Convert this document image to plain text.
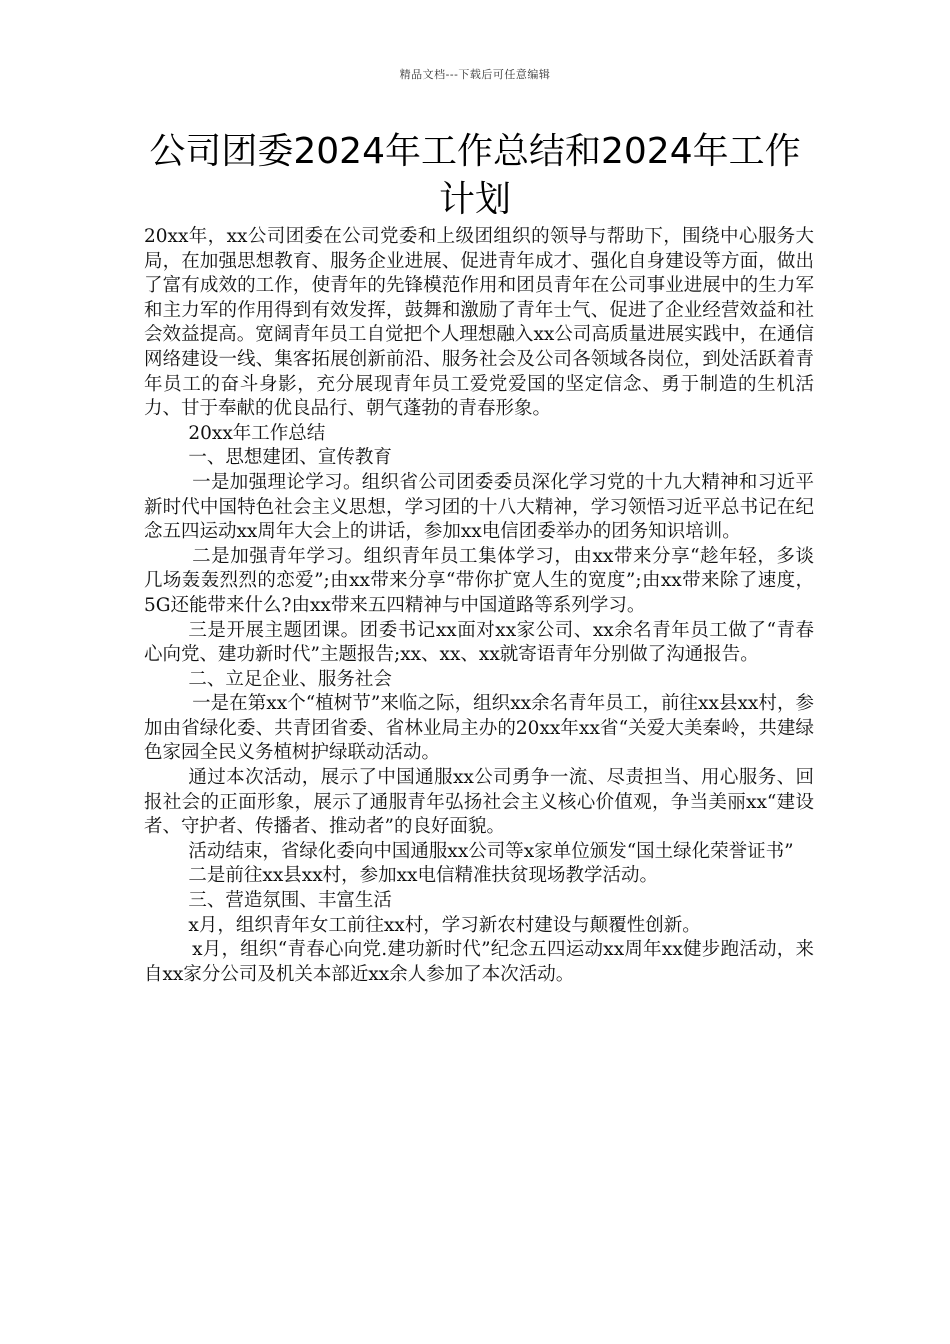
精品文档---下载后可任意编辑
公司团委2024年工作总结和2024年工作计划

20xx年，xx公司团委在公司党委和上级团组织的领导与帮助下，围绕中心服务大局，在加强思想教育、服务企业进展、促进青年成才、强化自身建设等方面，做出了富有成效的工作，使青年的先锋模范作用和团员青年在公司事业进展中的生力军和主力军的作用得到有效发挥，鼓舞和激励了青年士气、促进了企业经营效益和社会效益提高。宽阔青年员工自觉把个人理想融入xx公司高质量进展实践中，在通信网络建设一线、集客拓展创新前沿、服务社会及公司各领域各岗位，到处活跃着青年员工的奋斗身影，充分展现青年员工爱党爱国的坚定信念、勇于制造的生机活力、甘于奉献的优良品行、朝气蓬勃的青春形象。

20xx年工作总结

一、思想建团、宣传教育

一是加强理论学习。组织省公司团委委员深化学习党的十九大精神和习近平新时代中国特色社会主义思想，学习团的十八大精神，学习领悟习近平总书记在纪念五四运动xx周年大会上的讲话，参加xx电信团委举办的团务知识培训。

二是加强青年学习。组织青年员工集体学习，由xx带来分享“趁年轻，多谈几场轰轰烈烈的恋爱”;由xx带来分享“带你扩宽人生的宽度”;由xx带来除了速度，5G还能带来什么?由xx带来五四精神与中国道路等系列学习。

三是开展主题团课。团委书记xx面对xx家公司、xx余名青年员工做了“青春心向党、建功新时代”主题报告;xx、xx、xx就寄语青年分别做了沟通报告。

二、立足企业、服务社会

一是在第xx个“植树节”来临之际，组织xx余名青年员工，前往xx县xx村，参加由省绿化委、共青团省委、省林业局主办的20xx年xx省“关爱大美秦岭，共建绿色家园全民义务植树护绿联动活动。

通过本次活动，展示了中国通服xx公司勇争一流、尽责担当、用心服务、回报社会的正面形象，展示了通服青年弘扬社会主义核心价值观，争当美丽xx“建设者、守护者、传播者、推动者”的良好面貌。

活动结束，省绿化委向中国通服xx公司等x家单位颁发“国土绿化荣誉证书”

二是前往xx县xx村，参加xx电信精准扶贫现场教学活动。

三、营造氛围、丰富生活

x月，组织青年女工前往xx村，学习新农村建设与颠覆性创新。

x月，组织“青春心向党.建功新时代”纪念五四运动xx周年xx健步跑活动，来自xx家分公司及机关本部近xx余人参加了本次活动。
